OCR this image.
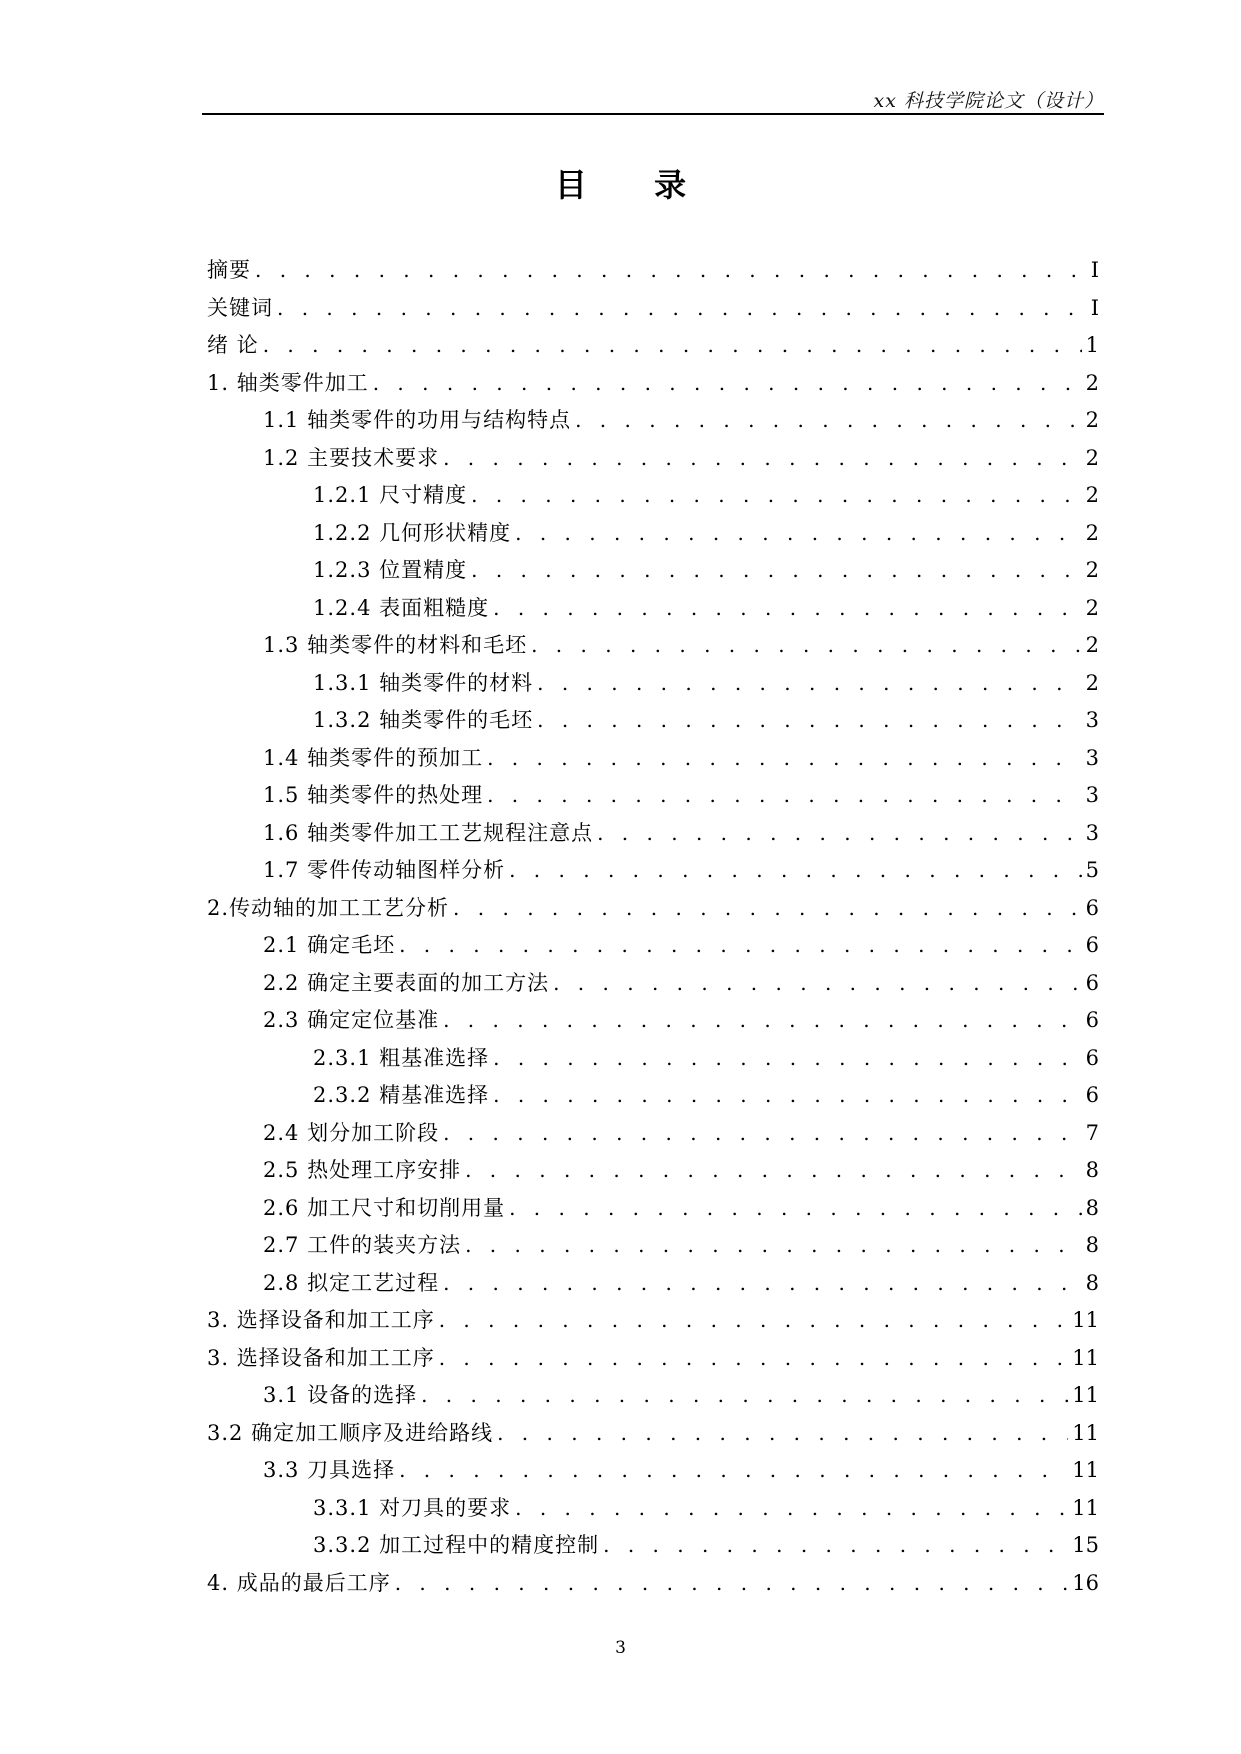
xx 科技学院论文（设计）
目 录
摘要 . . .	I
关键词 . . .	I
绪 论 . . .	1
1. 轴类零件加工 . . .	2
1.1 轴类零件的功用与结构特点 . . .	2
1.2 主要技术要求 . . .	2
1.2.1 尺寸精度 . . .	2
1.2.2 几何形状精度 . . .	2
1.2.3 位置精度 . . .	2
1.2.4 表面粗糙度 . . .	2
1.3 轴类零件的材料和毛坯 . . .	2
1.3.1 轴类零件的材料 . . .	2
1.3.2 轴类零件的毛坯 . . .	3
1.4 轴类零件的预加工 . . .	3
1.5 轴类零件的热处理 . . .	3
1.6 轴类零件加工工艺规程注意点 . . .	3
1.7 零件传动轴图样分析 . . .	5
2.传动轴的加工工艺分析 . . .	6
2.1 确定毛坯 . . .	6
2.2 确定主要表面的加工方法 . . .	6
2.3 确定定位基准 . . .	6
2.3.1 粗基准选择 . . .	6
2.3.2 精基准选择 . . .	6
2.4 划分加工阶段 . . .	7
2.5 热处理工序安排 . . .	8
2.6 加工尺寸和切削用量 . . .	8
2.7 工件的装夹方法 . . .	8
2.8 拟定工艺过程 . . .	8
3. 选择设备和加工工序 . . .	11
3. 选择设备和加工工序 . . .	11
3.1 设备的选择 . . .	11
3.2 确定加工顺序及进给路线 . . .	11
3.3 刀具选择 . . .	11
3.3.1 对刀具的要求 . . .	11
3.3.2 加工过程中的精度控制 . . .	15
4. 成品的最后工序 . . .	16
3
